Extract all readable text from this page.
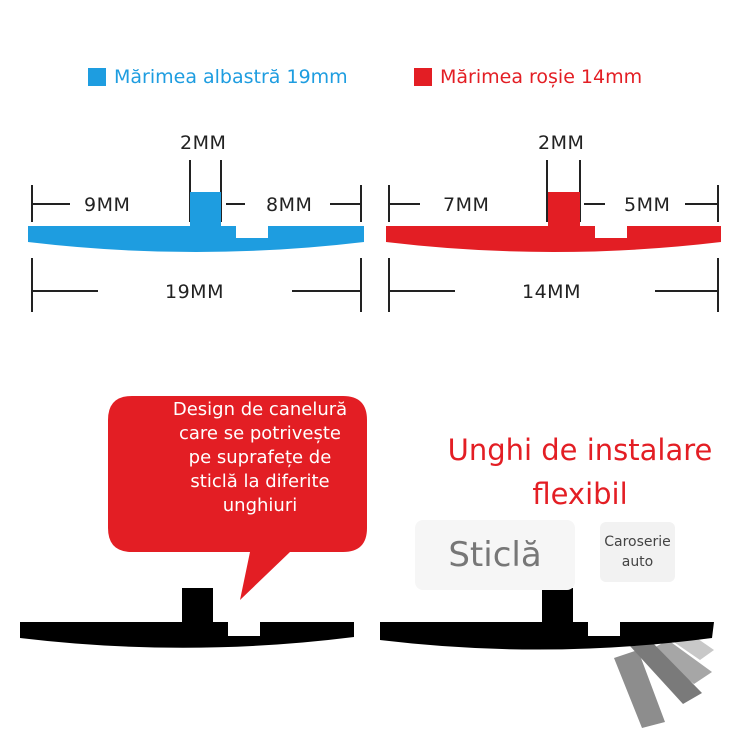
Mărimea albastră 19mm	Mărimea roșie 14mm
2MM
9MM	8MM
19MM
2MM
7MM	5MM
14MM
Design de canelură
care se potrivește
pe suprafețe de
sticlă la diferite
unghiuri
Unghi de instalare
flexibil
Sticlă	Caroserie
auto
